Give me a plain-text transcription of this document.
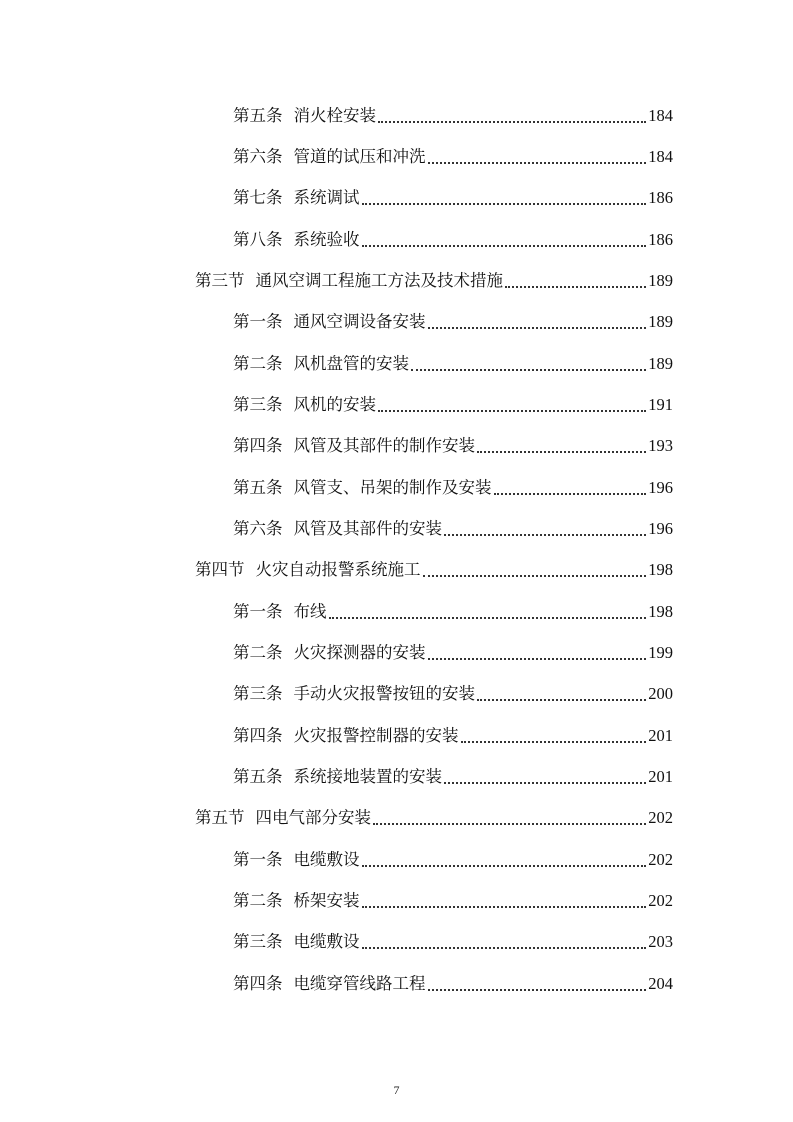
第五条 消火栓安装	184
第六条 管道的试压和冲洗	184
第七条 系统调试	186
第八条 系统验收	186
第三节 通风空调工程施工方法及技术措施	189
第一条 通风空调设备安装	189
第二条 风机盘管的安装	189
第三条 风机的安装	191
第四条 风管及其部件的制作安装	193
第五条 风管支、吊架的制作及安装	196
第六条 风管及其部件的安装	196
第四节 火灾自动报警系统施工	198
第一条 布线	198
第二条 火灾探测器的安装	199
第三条 手动火灾报警按钮的安装	200
第四条 火灾报警控制器的安装	201
第五条 系统接地装置的安装	201
第五节 四电气部分安装	202
第一条 电缆敷设	202
第二条 桥架安装	202
第三条 电缆敷设	203
第四条 电缆穿管线路工程	204
7
